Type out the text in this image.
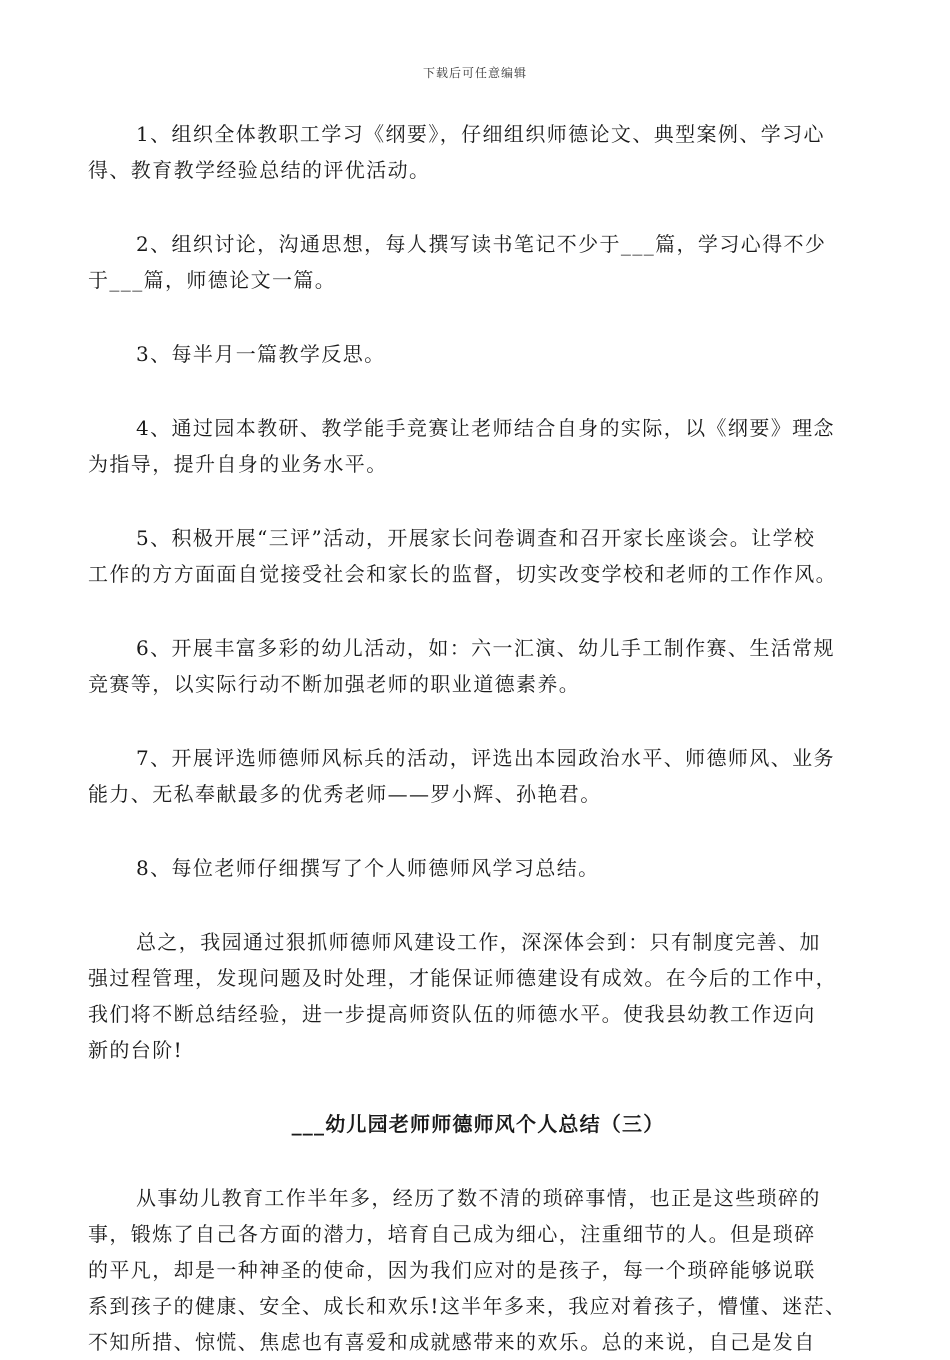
下载后可任意编辑
1、组织全体教职工学习《纲要》，仔细组织师德论文、典型案例、学习心
得、教育教学经验总结的评优活动。
2、组织讨论，沟通思想，每人撰写读书笔记不少于___篇，学习心得不少
于___篇，师德论文一篇。
3、每半月一篇教学反思。
4、通过园本教研、教学能手竞赛让老师结合自身的实际，以《纲要》理念
为指导，提升自身的业务水平。
5、积极开展“三评”活动，开展家长问卷调查和召开家长座谈会。让学校
工作的方方面面自觉接受社会和家长的监督，切实改变学校和老师的工作作风。
6、开展丰富多彩的幼儿活动，如：六一汇演、幼儿手工制作赛、生活常规
竞赛等，以实际行动不断加强老师的职业道德素养。
7、开展评选师德师风标兵的活动，评选出本园政治水平、师德师风、业务
能力、无私奉献最多的优秀老师——罗小辉、孙艳君。
8、每位老师仔细撰写了个人师德师风学习总结。
总之，我园通过狠抓师德师风建设工作，深深体会到：只有制度完善、加
强过程管理，发现问题及时处理，才能保证师德建设有成效。在今后的工作中，
我们将不断总结经验，进一步提高师资队伍的师德水平。使我县幼教工作迈向
新的台阶!
___幼儿园老师师德师风个人总结（三）
从事幼儿教育工作半年多，经历了数不清的琐碎事情，也正是这些琐碎的
事，锻炼了自己各方面的潜力，培育自己成为细心，注重细节的人。但是琐碎
的平凡，却是一种神圣的使命，因为我们应对的是孩子，每一个琐碎能够说联
系到孩子的健康、安全、成长和欢乐!这半年多来，我应对着孩子，懵懂、迷茫、
不知所措、惊慌、焦虑也有喜爱和成就感带来的欢乐。总的来说，自己是发自
